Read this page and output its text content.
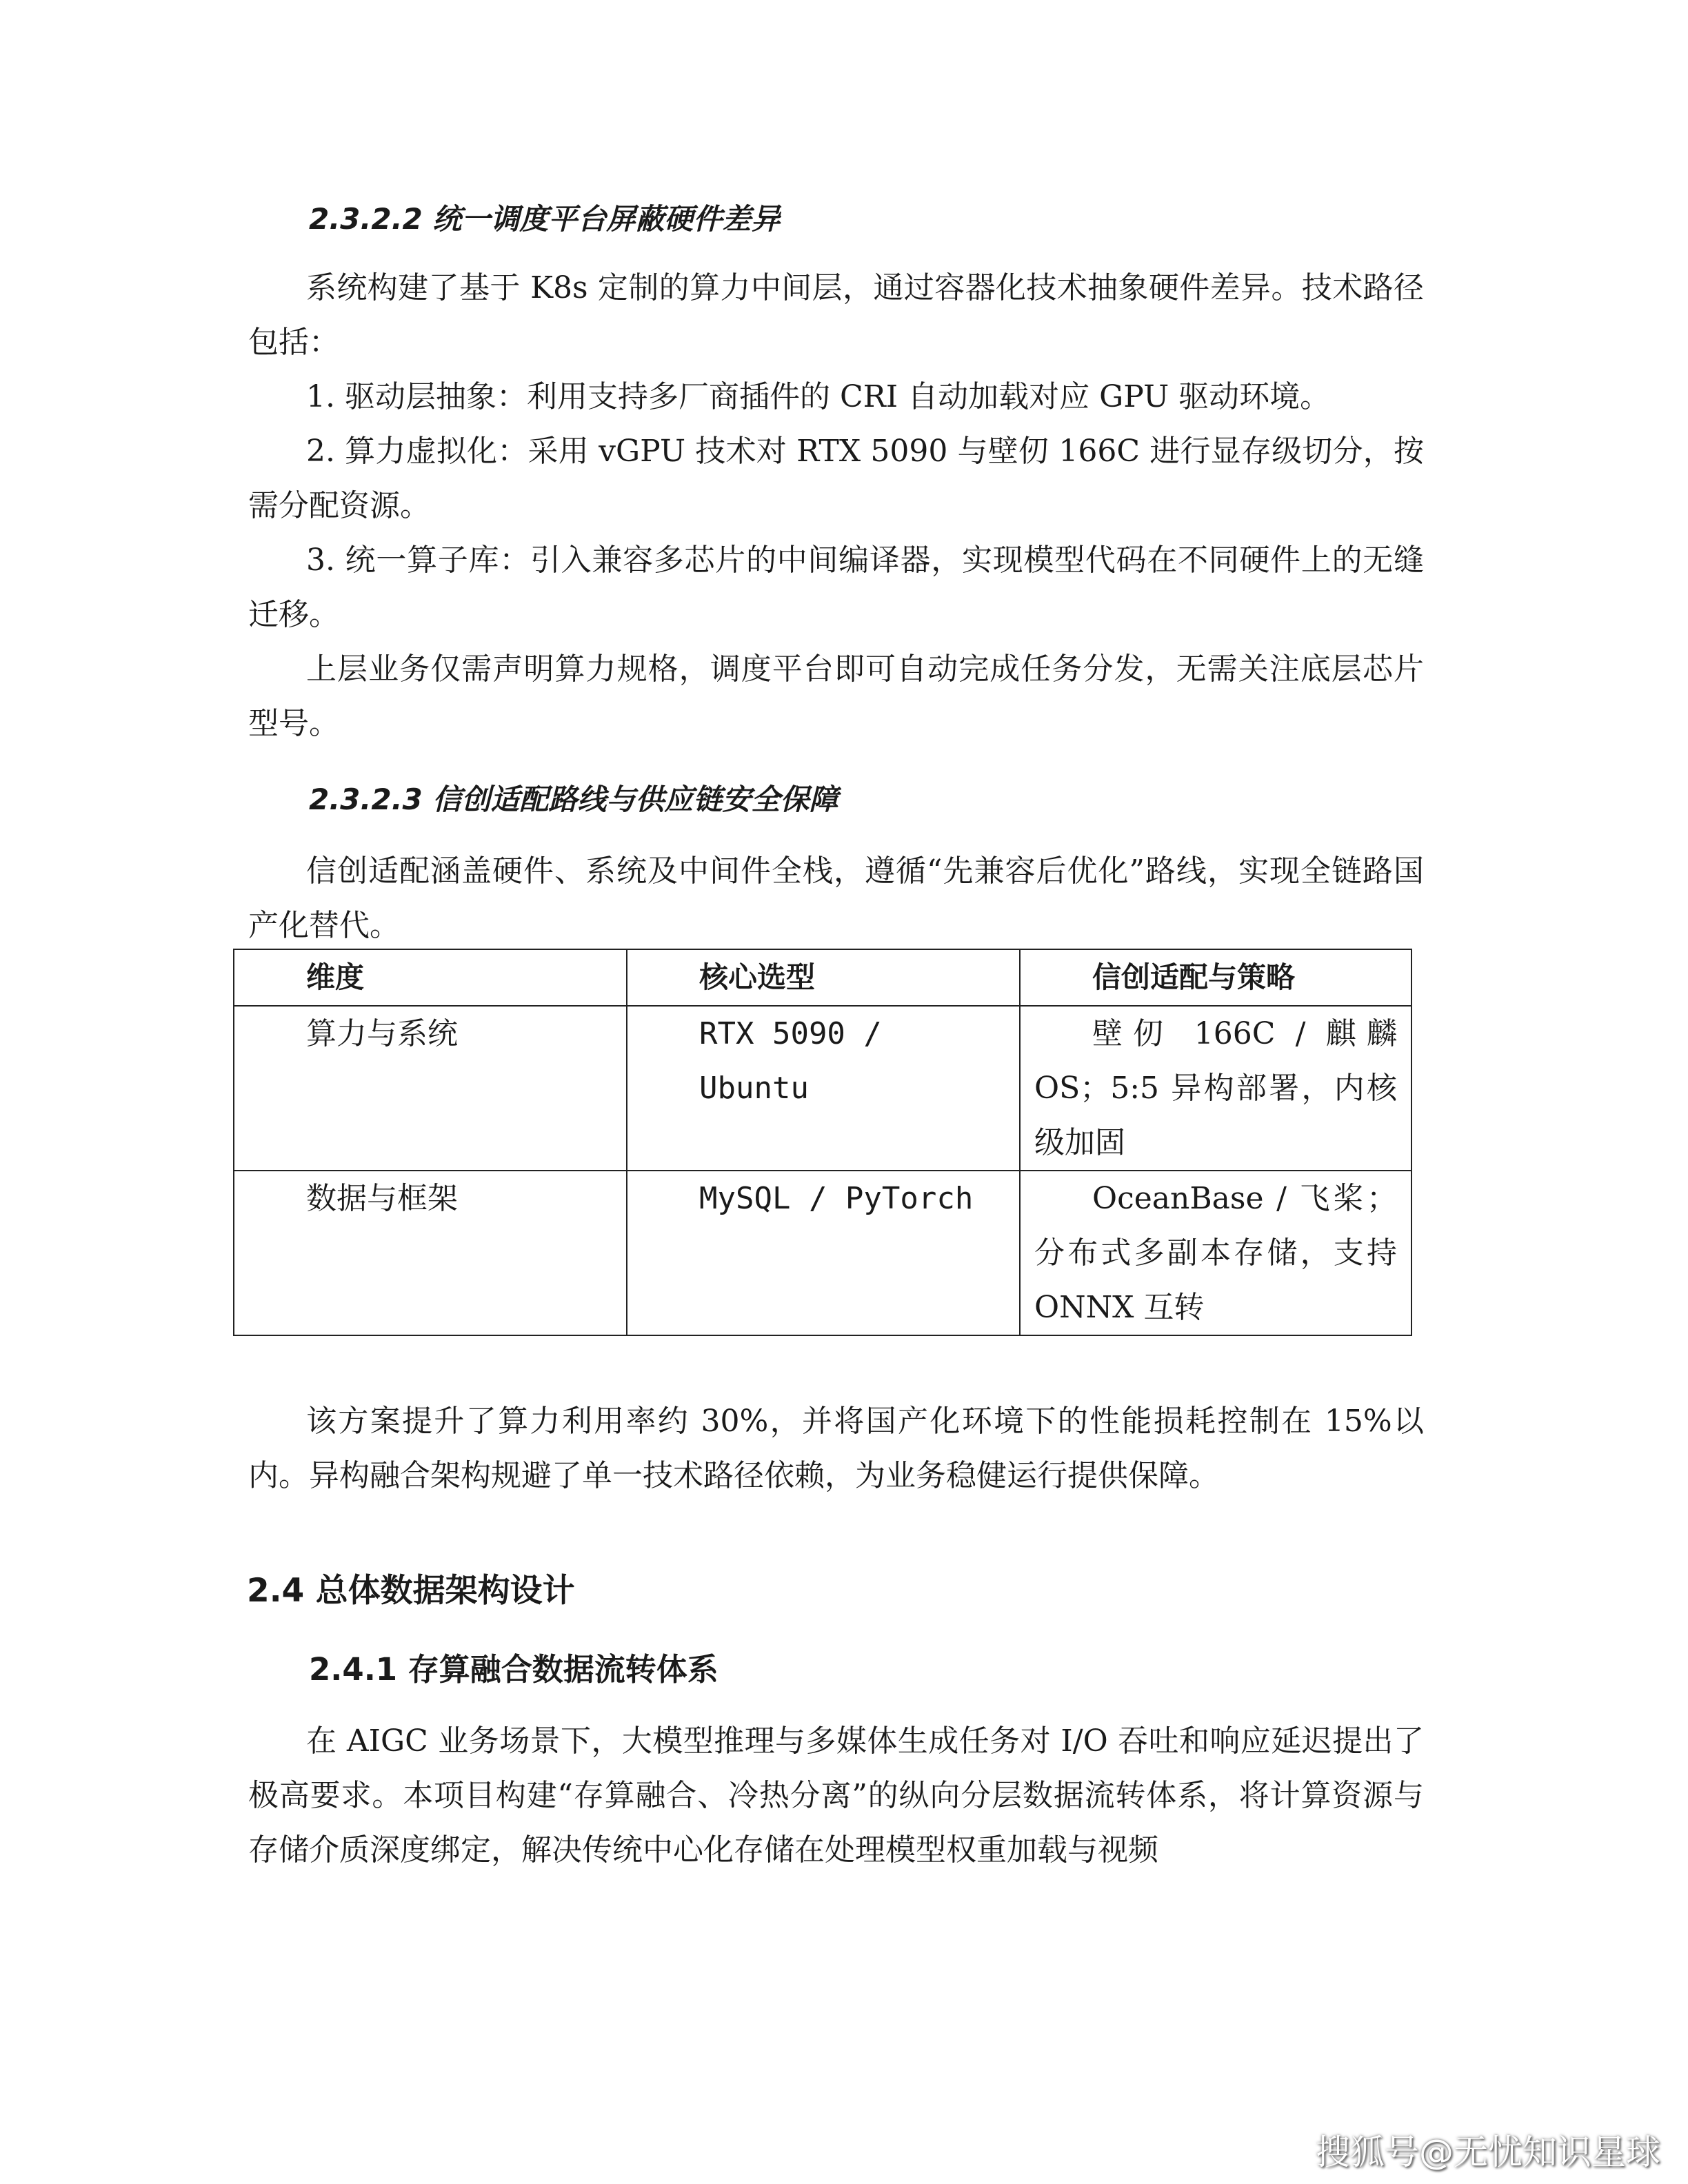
2.3.2.2 统一调度平台屏蔽硬件差异

系统构建了基于 K8s 定制的算力中间层，通过容器化技术抽象硬件差异。技术路径包括：

1. 驱动层抽象：利用支持多厂商插件的 CRI 自动加载对应 GPU 驱动环境。

2. 算力虚拟化：采用 vGPU 技术对 RTX 5090 与壁仞 166C 进行显存级切分，按需分配资源。

3. 统一算子库：引入兼容多芯片的中间编译器，实现模型代码在不同硬件上的无缝迁移。

上层业务仅需声明算力规格，调度平台即可自动完成任务分发，无需关注底层芯片型号。

2.3.2.3 信创适配路线与供应链安全保障

信创适配涵盖硬件、系统及中间件全栈，遵循“先兼容后优化”路线，实现全链路国产化替代。

维度	核心选型	信创适配与策略
算力与系统	RTX 5090 / Ubuntu	壁仞 166C / 麒麟 OS；5:5 异构部署，内核级加固
数据与框架	MySQL / PyTorch	OceanBase / 飞桨；分布式多副本存储，支持 ONNX 互转

该方案提升了算力利用率约 30%，并将国产化环境下的性能损耗控制在 15%以内。异构融合架构规避了单一技术路径依赖，为业务稳健运行提供保障。

2.4 总体数据架构设计
2.4.1 存算融合数据流转体系

在 AIGC 业务场景下，大模型推理与多媒体生成任务对 I/O 吞吐和响应延迟提出了极高要求。本项目构建“存算融合、冷热分离”的纵向分层数据流转体系，将计算资源与存储介质深度绑定，解决传统中心化存储在处理模型权重加载与视频

搜狐号@无忧知识星球
